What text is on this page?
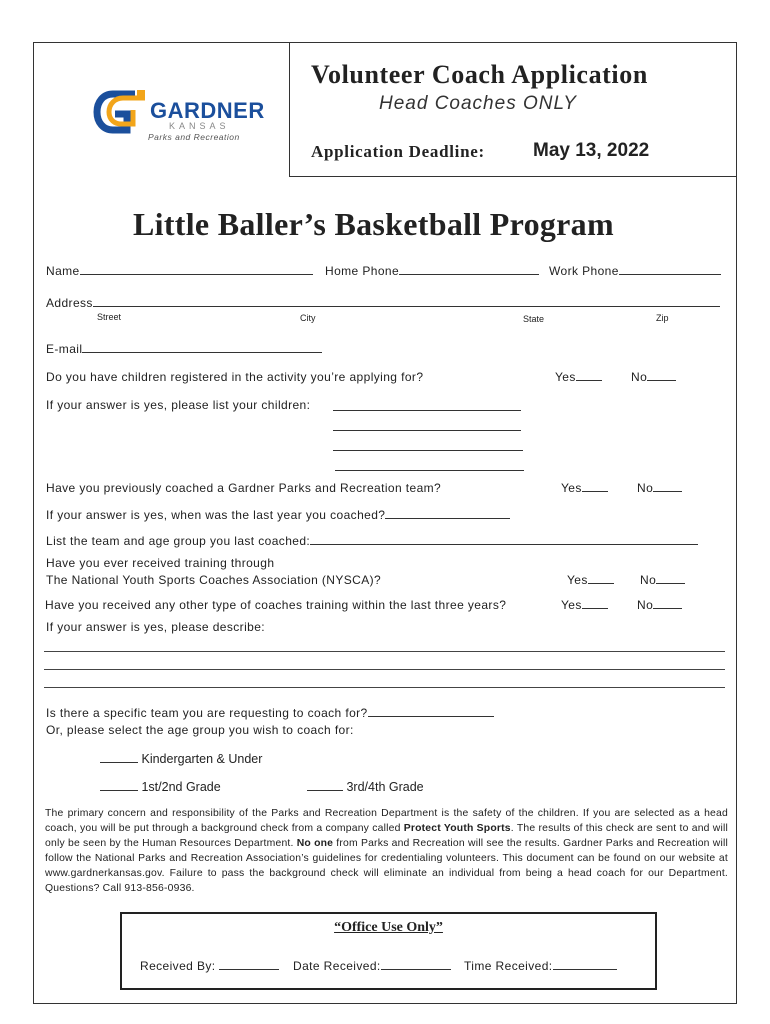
GARDNER
KANSAS
Parks and Recreation
Volunteer Coach Application
Head Coaches ONLY
Application Deadline:	May 13, 2022
Little Baller’s Basketball Program
Name	Home Phone	Work Phone
Address
Street	City	State	Zip
E-mail
Do you have children registered in the activity you’re applying for?	Yes	No
If your answer is yes, please list your children:
Have you previously coached a Gardner Parks and Recreation team?	Yes	No
If your answer is yes, when was the last year you coached?
List the team and age group you last coached:
Have you ever received training through
The National Youth Sports Coaches Association (NYSCA)?	Yes	No
Have you received any other type of coaches training within the last three years?	Yes	No
If your answer is yes, please describe:
Is there a specific team you are requesting to coach for?
Or, please select the age group you wish to coach for:
Kindergarten & Under
1st/2nd Grade	3rd/4th Grade
The primary concern and responsibility of the Parks and Recreation Department is the safety of the children. If you are selected as a head coach, you will be put through a background check from a company called Protect Youth Sports. The results of this check are sent to and will only be seen by the Human Resources Department. No one from Parks and Recreation will see the results. Gardner Parks and Recreation will follow the National Parks and Recreation Association’s guidelines for credentialing volunteers. This document can be found on our website at www.gardnerkansas.gov. Failure to pass the background check will eliminate an individual from being a head coach for our Department. Questions? Call 913-856-0936.
“Office Use Only”
Received By:	Date Received:	Time Received:
